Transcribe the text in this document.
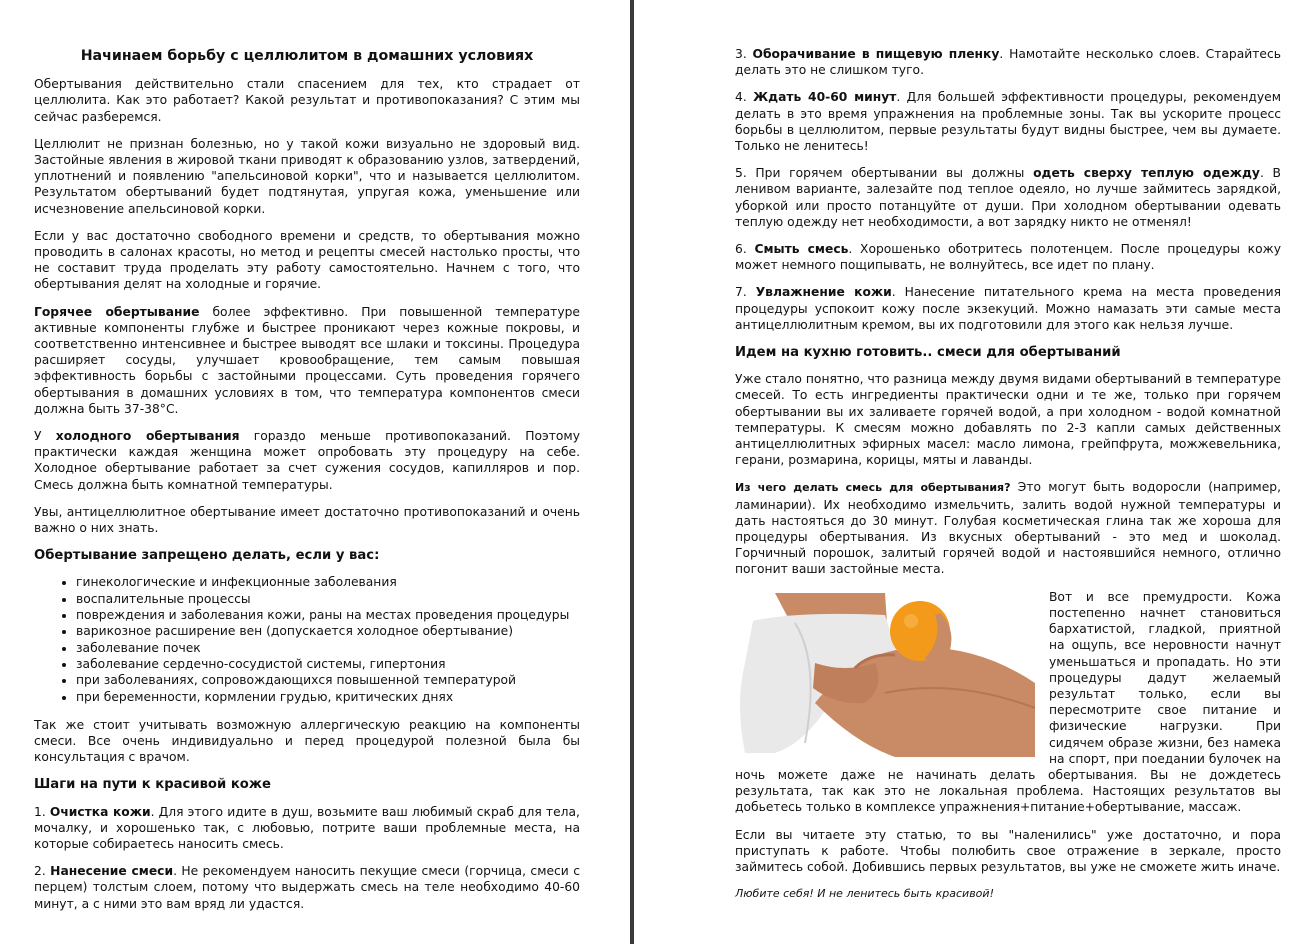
Начинаем борьбу с целлюлитом в домашних условиях

Обертывания действительно стали спасением для тех, кто страдает от целлюлита. Как это работает? Какой результат и противопоказания? С этим мы сейчас разберемся.

Целлюлит не признан болезнью, но у такой кожи визуально не здоровый вид. Застойные явления в жировой ткани приводят к образованию узлов, затвердений, уплотнений и появлению "апельсиновой корки", что и называется целлюлитом. Результатом обертываний будет подтянутая, упругая кожа, уменьшение или исчезновение апельсиновой корки.

Если у вас достаточно свободного времени и средств, то обертывания можно проводить в салонах красоты, но метод и рецепты смесей настолько просты, что не составит труда проделать эту работу самостоятельно. Начнем с того, что обертывания делят на холодные и горячие.

Горячее обертывание более эффективно. При повышенной температуре активные компоненты глубже и быстрее проникают через кожные покровы, и соответственно интенсивнее и быстрее выводят все шлаки и токсины. Процедура расширяет сосуды, улучшает кровообращение, тем самым повышая эффективность борьбы с застойными процессами. Суть проведения горячего обертывания в домашних условиях в том, что температура компонентов смеси должна быть 37-38°С.

У холодного обертывания гораздо меньше противопоказаний. Поэтому практически каждая женщина может опробовать эту процедуру на себе. Холодное обертывание работает за счет сужения сосудов, капилляров и пор. Смесь должна быть комнатной температуры.

Увы, антицеллюлитное обертывание имеет достаточно противопоказаний и очень важно о них знать.

Обертывание запрещено делать, если у вас:
• гинекологические и инфекционные заболевания
• воспалительные процессы
• повреждения и заболевания кожи, раны на местах проведения процедуры
• варикозное расширение вен (допускается холодное обертывание)
• заболевание почек
• заболевание сердечно-сосудистой системы, гипертония
• при заболеваниях, сопровождающихся повышенной температурой
• при беременности, кормлении грудью, критических днях

Так же стоит учитывать возможную аллергическую реакцию на компоненты смеси. Все очень индивидуально и перед процедурой полезной была бы консультация с врачом.

Шаги на пути к красивой коже

1. Очистка кожи. Для этого идите в душ, возьмите ваш любимый скраб для тела, мочалку, и хорошенько так, с любовью, потрите ваши проблемные места, на которые собираетесь наносить смесь.

2. Нанесение смеси. Не рекомендуем наносить пекущие смеси (горчица, смеси с перцем) толстым слоем, потому что выдержать смесь на теле необходимо 40-60 минут, а с ними это вам вряд ли удастся.

3. Оборачивание в пищевую пленку. Намотайте несколько слоев. Старайтесь делать это не слишком туго.

4. Ждать 40-60 минут. Для большей эффективности процедуры, рекомендуем делать в это время упражнения на проблемные зоны. Так вы ускорите процесс борьбы в целлюлитом, первые результаты будут видны быстрее, чем вы думаете. Только не ленитесь!

5. При горячем обертывании вы должны одеть сверху теплую одежду. В ленивом варианте, залезайте под теплое одеяло, но лучше займитесь зарядкой, уборкой или просто потанцуйте от души. При холодном обертывании одевать теплую одежду нет необходимости, а вот зарядку никто не отменял!

6. Смыть смесь. Хорошенько оботритесь полотенцем. После процедуры кожу может немного пощипывать, не волнуйтесь, все идет по плану.

7. Увлажнение кожи. Нанесение питательного крема на места проведения процедуры успокоит кожу после экзекуций. Можно намазать эти самые места антицеллюлитным кремом, вы их подготовили для этого как нельзя лучше.

Идем на кухню готовить.. смеси для обертываний

Уже стало понятно, что разница между двумя видами обертываний в температуре смесей. То есть ингредиенты практически одни и те же, только при горячем обертывании вы их заливаете горячей водой, а при холодном - водой комнатной температуры. К смесям можно добавлять по 2-3 капли самых действенных антицеллюлитных эфирных масел: масло лимона, грейпфрута, можжевельника, герани, розмарина, корицы, мяты и лаванды.

Из чего делать смесь для обертывания? Это могут быть водоросли (например, ламинарии). Их необходимо измельчить, залить водой нужной температуры и дать настояться до 30 минут. Голубая косметическая глина так же хороша для процедуры обертывания. Из вкусных обертываний - это мед и шоколад. Горчичный порошок, залитый горячей водой и настоявшийся немного, отлично погонит ваши застойные места.

Вот и все премудрости. Кожа постепенно начнет становиться бархатистой, гладкой, приятной на ощупь, все неровности начнут уменьшаться и пропадать. Но эти процедуры дадут желаемый результат только, если вы пересмотрите свое питание и физические нагрузки. При сидячем образе жизни, без намека на спорт, при поедании булочек на ночь можете даже не начинать делать обертывания. Вы не дождетесь результата, так как это не локальная проблема. Настоящих результатов вы добьетесь только в комплексе упражнения+питание+обертывание, массаж.

Если вы читаете эту статью, то вы "наленились" уже достаточно, и пора приступать к работе. Чтобы полюбить свое отражение в зеркале, просто займитесь собой. Добившись первых результатов, вы уже не сможете жить иначе.

Любите себя! И не ленитесь быть красивой!
